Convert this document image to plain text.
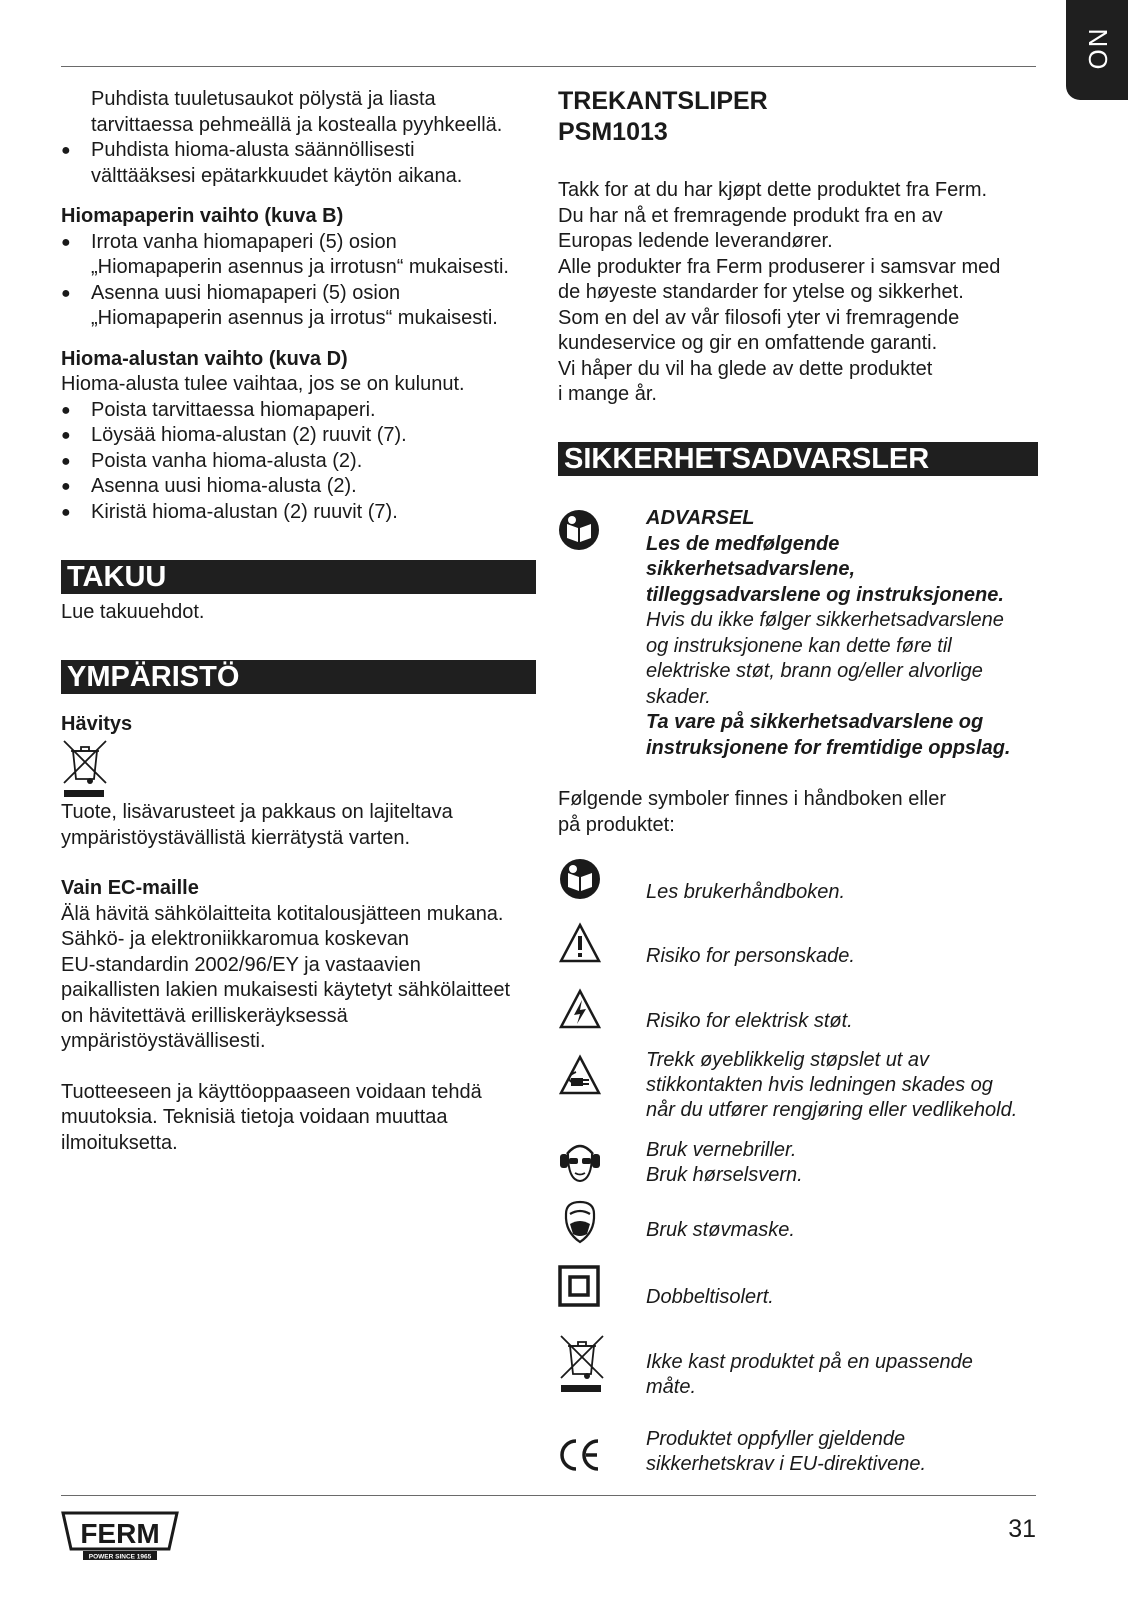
NO

Puhdista tuuletusaukot pölystä ja liasta

tarvittaessa pehmeällä ja kostealla pyyhkeellä.

● Puhdista hioma-alusta säännöllisesti

välttääksesi epätarkkuudet käytön aikana.

Hiomapaperin vaihto (kuva B)

● Irrota vanha hiomapaperi (5) osion

„Hiomapaperin asennus ja irrotusn“ mukaisesti.

● Asenna uusi hiomapaperi (5) osion

„Hiomapaperin asennus ja irrotus“ mukaisesti.

Hioma-alustan vaihto (kuva D)

Hioma-alusta tulee vaihtaa, jos se on kulunut.

● Poista tarvittaessa hiomapaperi.

● Löysää hioma-alustan (2) ruuvit (7).

● Poista vanha hioma-alusta (2).

● Asenna uusi hioma-alusta (2).

● Kiristä hioma-alustan (2) ruuvit (7).

TAKUU

Lue takuuehdot.

YMPÄRISTÖ

Hävitys

Tuote, lisävarusteet ja pakkaus on lajiteltava

ympäristöystävällistä kierrätystä varten.

Vain EC-maille

Älä hävitä sähkölaitteita kotitalousjätteen mukana.

Sähkö- ja elektroniikkaromua koskevan

EU-standardin 2002/96/EY ja vastaavien

paikallisten lakien mukaisesti käytetyt sähkölaitteet

on hävitettävä erilliskeräyksessä

ympäristöystävällisesti.

Tuotteeseen ja käyttöoppaaseen voidaan tehdä

muutoksia. Teknisiä tietoja voidaan muuttaa

ilmoituksetta.

TREKANTSLIPER

PSM1013

Takk for at du har kjøpt dette produktet fra Ferm.

Du har nå et fremragende produkt fra en av

Europas ledende leverandører.

Alle produkter fra Ferm produserer i samsvar med

de høyeste standarder for ytelse og sikkerhet.

Som en del av vår filosofi yter vi fremragende

kundeservice og gir en omfattende garanti.

Vi håper du vil ha glede av dette produktet

i mange år.

SIKKERHETSADVARSLER

ADVARSEL

Les de medfølgende

sikkerhetsadvarslene,

tilleggsadvarslene og instruksjonene.

Hvis du ikke følger sikkerhetsadvarslene

og instruksjonene kan dette føre til

elektriske støt, brann og/eller alvorlige

skader.

Ta vare på sikkerhetsadvarslene og

instruksjonene for fremtidige oppslag.

Følgende symboler finnes i håndboken eller

på produktet:

Les brukerhåndboken.

Risiko for personskade.

Risiko for elektrisk støt.

Trekk øyeblikkelig støpslet ut av

stikkontakten hvis ledningen skades og

når du utfører rengjøring eller vedlikehold.

Bruk vernebriller.

Bruk hørselsvern.

Bruk støvmaske.

Dobbeltisolert.

Ikke kast produktet på en upassende

måte.

Produktet oppfyller gjeldende

sikkerhetskrav i EU-direktivene.

FERM
POWER SINCE 1965
31
